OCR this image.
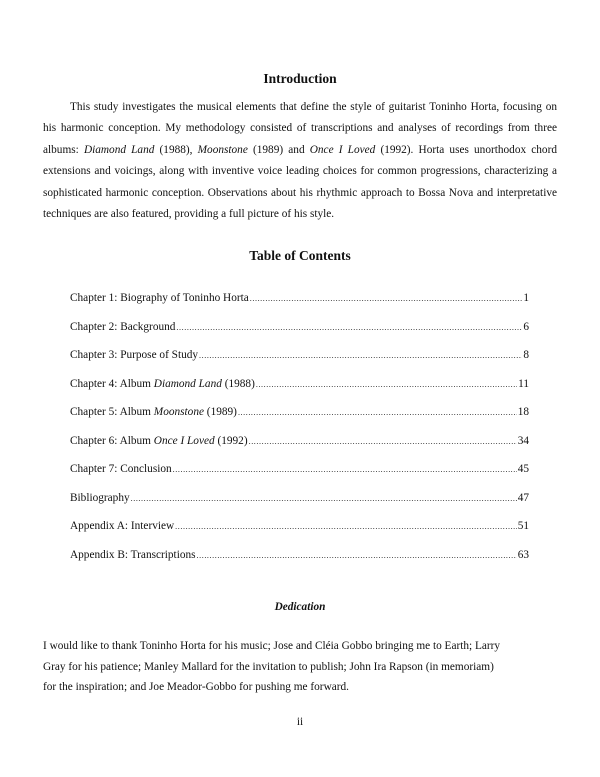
Introduction

This study investigates the musical elements that define the style of guitarist Toninho Horta, focusing on his harmonic conception. My methodology consisted of transcriptions and analyses of recordings from three albums: Diamond Land (1988), Moonstone (1989) and Once I Loved (1992). Horta uses unorthodox chord extensions and voicings, along with inventive voice leading choices for common progressions, characterizing a sophisticated harmonic conception. Observations about his rhythmic approach to Bossa Nova and interpretative techniques are also featured, providing a full picture of his style.

Table of Contents
Chapter 1: Biography of Toninho Horta .....	1
Chapter 2: Background .....	6
Chapter 3: Purpose of Study .....	8
Chapter 4: Album Diamond Land (1988) .....	11
Chapter 5: Album Moonstone (1989) .....	18
Chapter 6: Album Once I Loved (1992) .....	34
Chapter 7: Conclusion .....	45
Bibliography .....	47
Appendix A: Interview .....	51
Appendix B: Transcriptions .....	63
Dedication

I would like to thank Toninho Horta for his music; Jose and Cléia Gobbo bringing me to Earth; Larry
Gray for his patience; Manley Mallard for the invitation to publish; John Ira Rapson (in memoriam)
for the inspiration; and Joe Meador-Gobbo for pushing me forward.

ii
